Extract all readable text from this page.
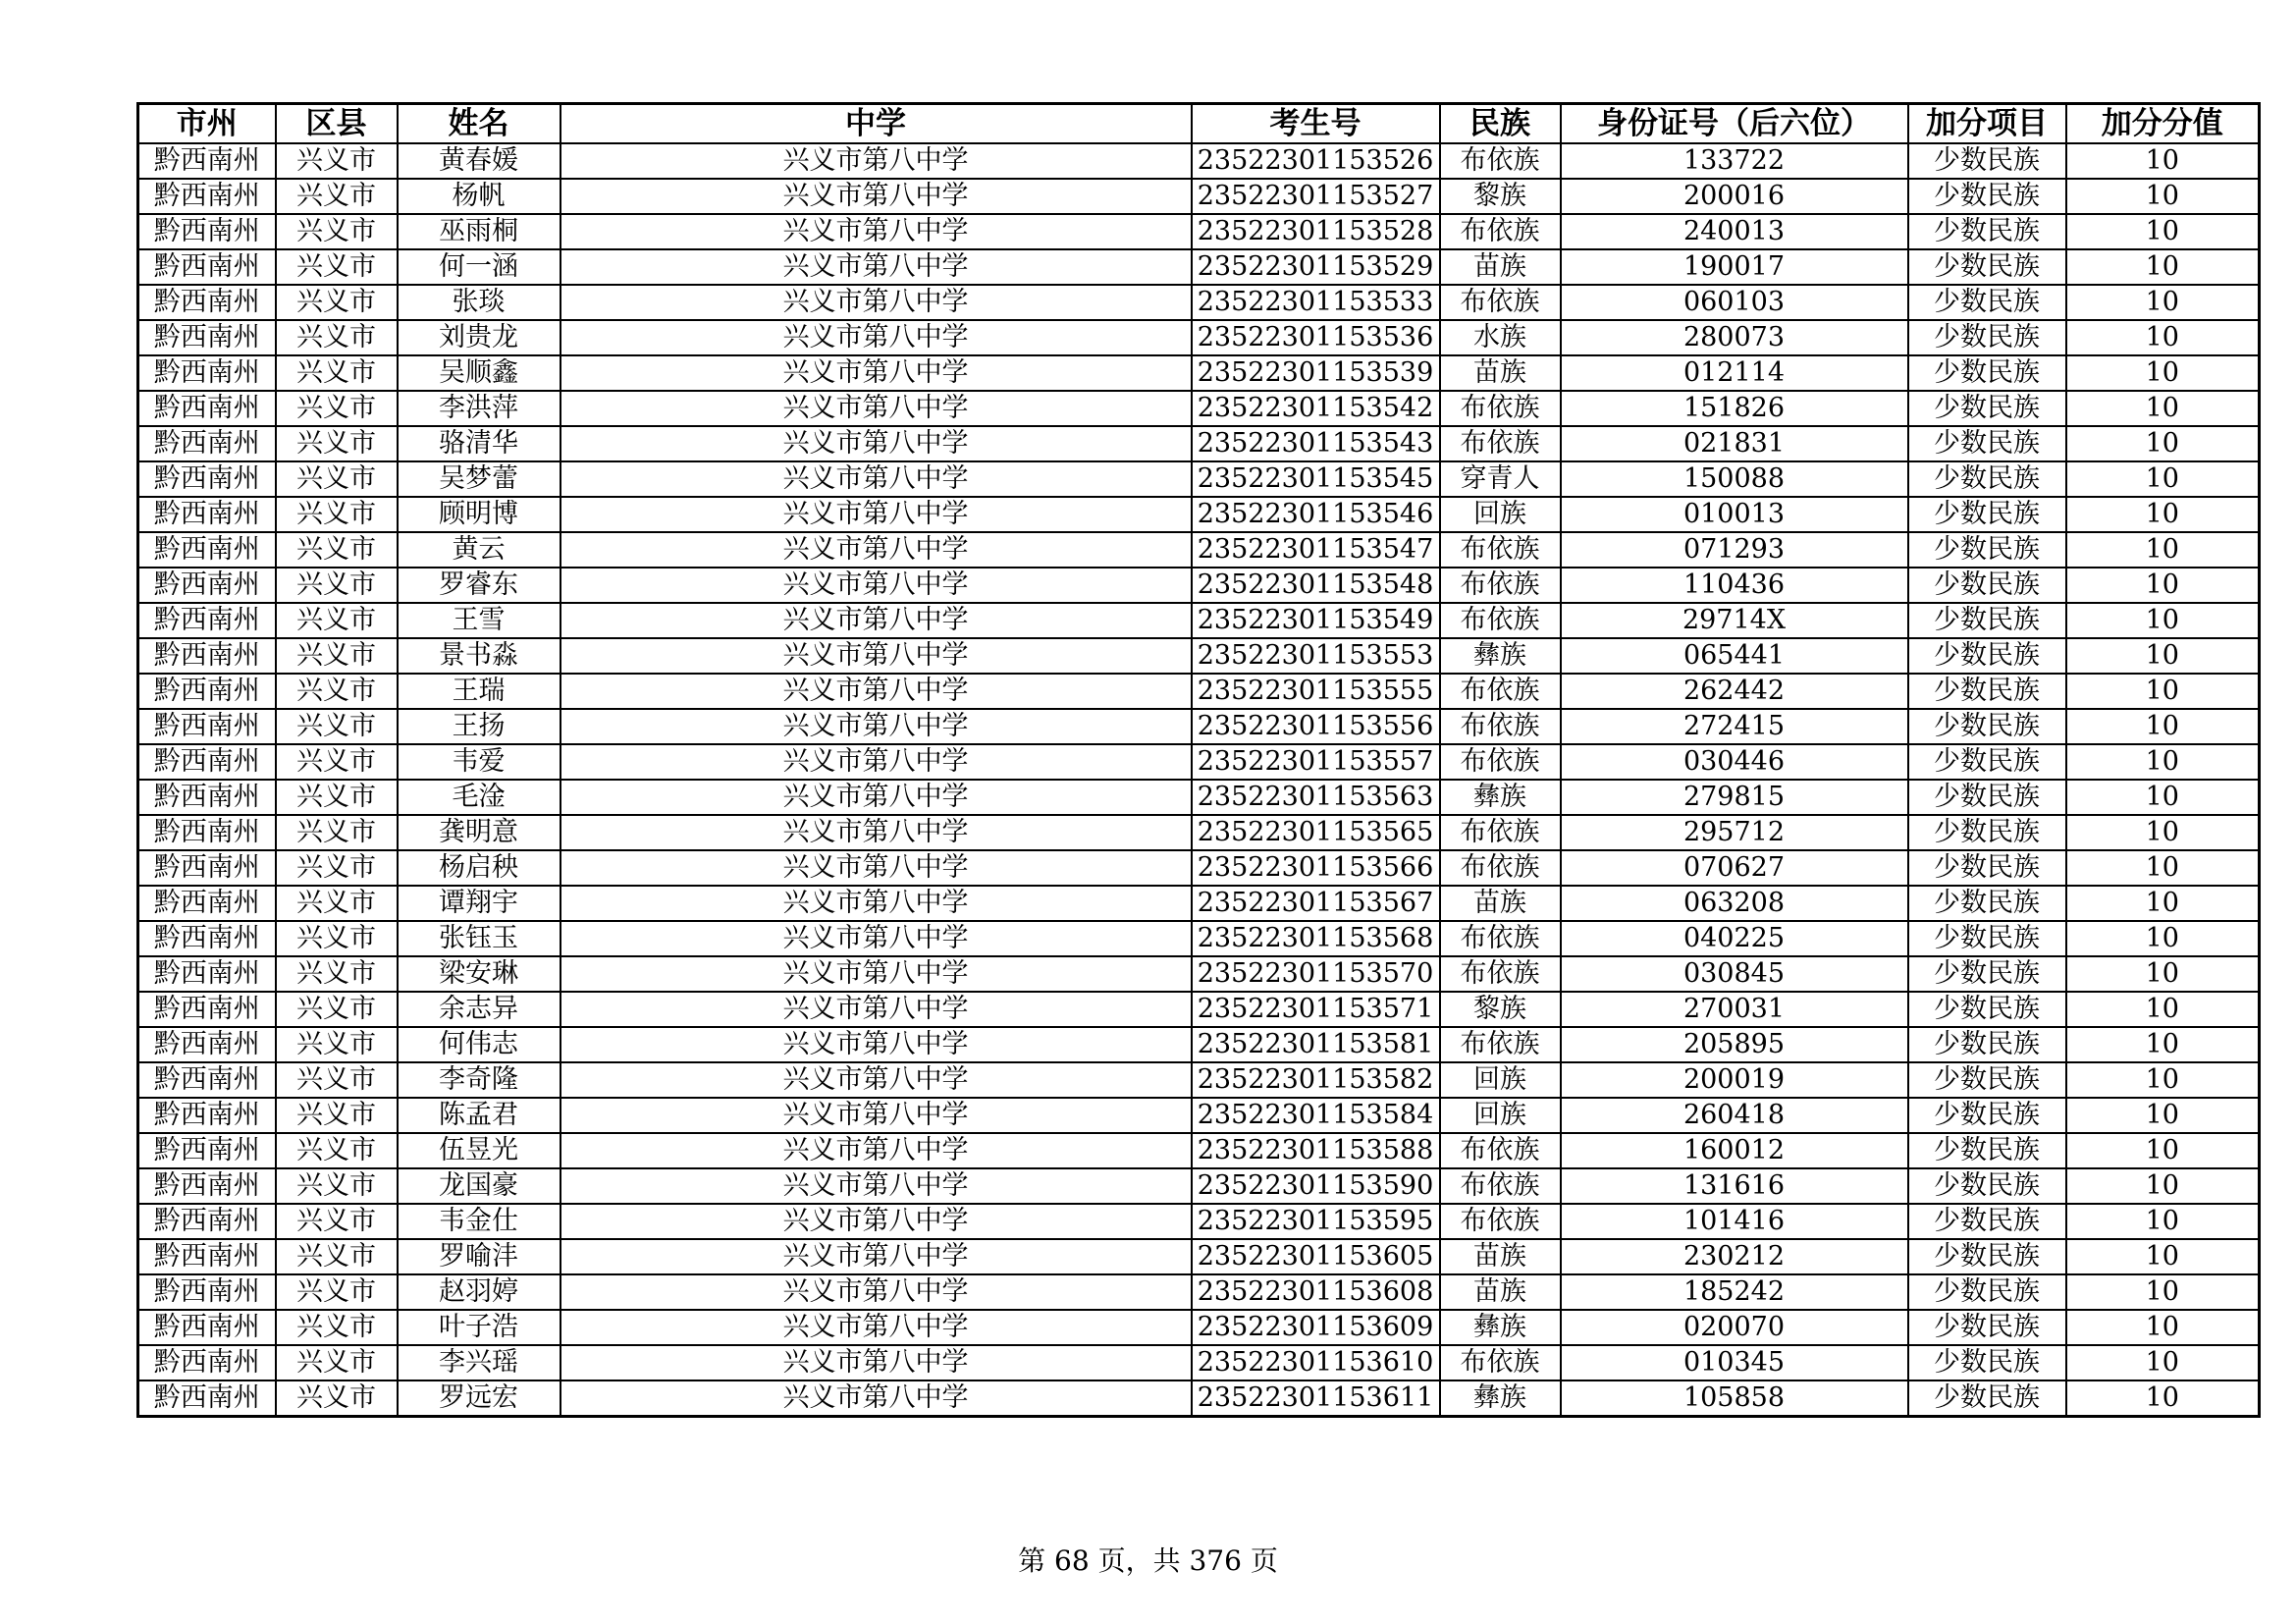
市州	区县	姓名	中学	考生号	民族	身份证号（后六位）	加分项目	加分分值
黔西南州	兴义市	黄春媛	兴义市第八中学	23522301153526	布依族	133722	少数民族	10
黔西南州	兴义市	杨帆	兴义市第八中学	23522301153527	黎族	200016	少数民族	10
黔西南州	兴义市	巫雨桐	兴义市第八中学	23522301153528	布依族	240013	少数民族	10
黔西南州	兴义市	何一涵	兴义市第八中学	23522301153529	苗族	190017	少数民族	10
黔西南州	兴义市	张琰	兴义市第八中学	23522301153533	布依族	060103	少数民族	10
黔西南州	兴义市	刘贵龙	兴义市第八中学	23522301153536	水族	280073	少数民族	10
黔西南州	兴义市	吴顺鑫	兴义市第八中学	23522301153539	苗族	012114	少数民族	10
黔西南州	兴义市	李洪萍	兴义市第八中学	23522301153542	布依族	151826	少数民族	10
黔西南州	兴义市	骆清华	兴义市第八中学	23522301153543	布依族	021831	少数民族	10
黔西南州	兴义市	吴梦蕾	兴义市第八中学	23522301153545	穿青人	150088	少数民族	10
黔西南州	兴义市	顾明博	兴义市第八中学	23522301153546	回族	010013	少数民族	10
黔西南州	兴义市	黄云	兴义市第八中学	23522301153547	布依族	071293	少数民族	10
黔西南州	兴义市	罗睿东	兴义市第八中学	23522301153548	布依族	110436	少数民族	10
黔西南州	兴义市	王雪	兴义市第八中学	23522301153549	布依族	29714X	少数民族	10
黔西南州	兴义市	景书淼	兴义市第八中学	23522301153553	彝族	065441	少数民族	10
黔西南州	兴义市	王瑞	兴义市第八中学	23522301153555	布依族	262442	少数民族	10
黔西南州	兴义市	王扬	兴义市第八中学	23522301153556	布依族	272415	少数民族	10
黔西南州	兴义市	韦爱	兴义市第八中学	23522301153557	布依族	030446	少数民族	10
黔西南州	兴义市	毛淦	兴义市第八中学	23522301153563	彝族	279815	少数民族	10
黔西南州	兴义市	龚明意	兴义市第八中学	23522301153565	布依族	295712	少数民族	10
黔西南州	兴义市	杨启秧	兴义市第八中学	23522301153566	布依族	070627	少数民族	10
黔西南州	兴义市	谭翔宇	兴义市第八中学	23522301153567	苗族	063208	少数民族	10
黔西南州	兴义市	张钰玉	兴义市第八中学	23522301153568	布依族	040225	少数民族	10
黔西南州	兴义市	梁安琳	兴义市第八中学	23522301153570	布依族	030845	少数民族	10
黔西南州	兴义市	余志异	兴义市第八中学	23522301153571	黎族	270031	少数民族	10
黔西南州	兴义市	何伟志	兴义市第八中学	23522301153581	布依族	205895	少数民族	10
黔西南州	兴义市	李奇隆	兴义市第八中学	23522301153582	回族	200019	少数民族	10
黔西南州	兴义市	陈孟君	兴义市第八中学	23522301153584	回族	260418	少数民族	10
黔西南州	兴义市	伍昱光	兴义市第八中学	23522301153588	布依族	160012	少数民族	10
黔西南州	兴义市	龙国豪	兴义市第八中学	23522301153590	布依族	131616	少数民族	10
黔西南州	兴义市	韦金仕	兴义市第八中学	23522301153595	布依族	101416	少数民族	10
黔西南州	兴义市	罗喻沣	兴义市第八中学	23522301153605	苗族	230212	少数民族	10
黔西南州	兴义市	赵羽婷	兴义市第八中学	23522301153608	苗族	185242	少数民族	10
黔西南州	兴义市	叶子浩	兴义市第八中学	23522301153609	彝族	020070	少数民族	10
黔西南州	兴义市	李兴瑶	兴义市第八中学	23522301153610	布依族	010345	少数民族	10
黔西南州	兴义市	罗远宏	兴义市第八中学	23522301153611	彝族	105858	少数民族	10
第 68 页，共 376 页
